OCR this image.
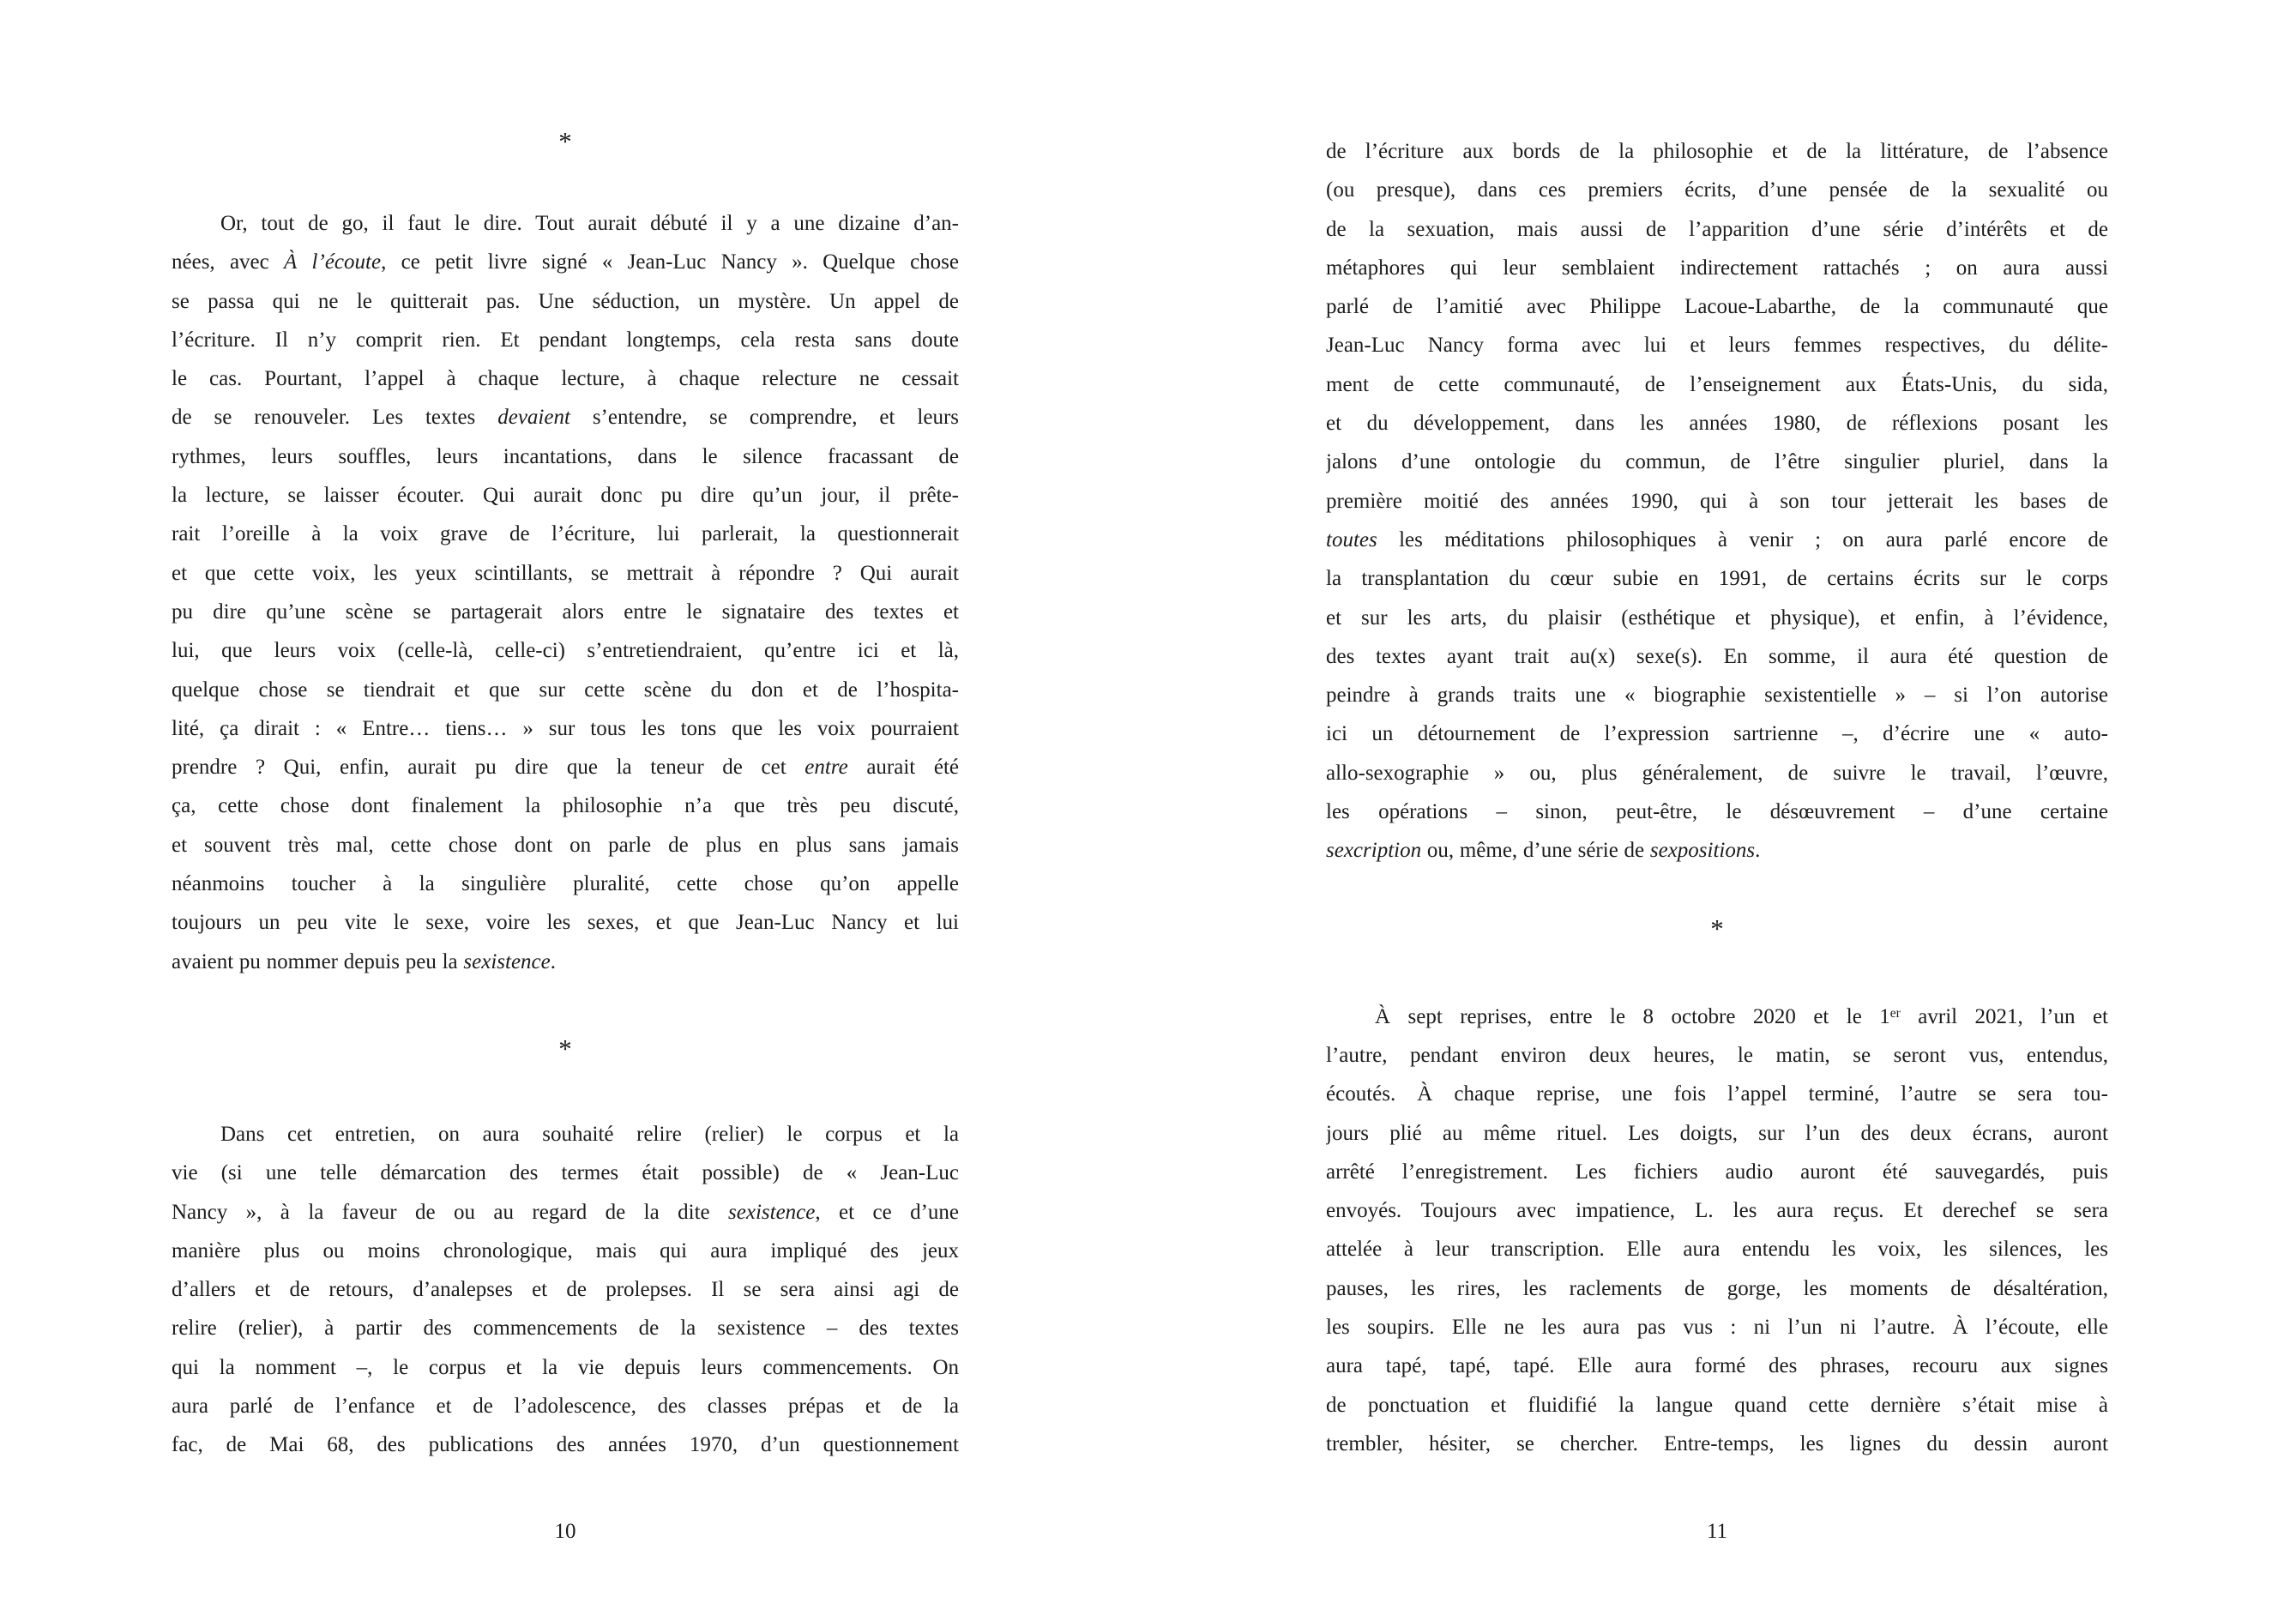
*
Or, tout de go, il faut le dire. Tout aurait débuté il y a une dizaine d’an-
nées, avec À l’écoute, ce petit livre signé « Jean-Luc Nancy ». Quelque chose
se passa qui ne le quitterait pas. Une séduction, un mystère. Un appel de
l’écriture. Il n’y comprit rien. Et pendant longtemps, cela resta sans doute
le cas. Pourtant, l’appel à chaque lecture, à chaque relecture ne cessait
de se renouveler. Les textes devaient s’entendre, se comprendre, et leurs
rythmes, leurs souffles, leurs incantations, dans le silence fracassant de
la lecture, se laisser écouter. Qui aurait donc pu dire qu’un jour, il prête-
rait l’oreille à la voix grave de l’écriture, lui parlerait, la questionnerait
et que cette voix, les yeux scintillants, se mettrait à répondre ? Qui aurait
pu dire qu’une scène se partagerait alors entre le signataire des textes et
lui, que leurs voix (celle-là, celle-ci) s’entretiendraient, qu’entre ici et là,
quelque chose se tiendrait et que sur cette scène du don et de l’hospita-
lité, ça dirait : « Entre… tiens… » sur tous les tons que les voix pourraient
prendre ? Qui, enfin, aurait pu dire que la teneur de cet entre aurait été
ça, cette chose dont finalement la philosophie n’a que très peu discuté,
et souvent très mal, cette chose dont on parle de plus en plus sans jamais
néanmoins toucher à la singulière pluralité, cette chose qu’on appelle
toujours un peu vite le sexe, voire les sexes, et que Jean-Luc Nancy et lui
avaient pu nommer depuis peu la sexistence.
*
Dans cet entretien, on aura souhaité relire (relier) le corpus et la
vie (si une telle démarcation des termes était possible) de « Jean-Luc
Nancy », à la faveur de ou au regard de la dite sexistence, et ce d’une
manière plus ou moins chronologique, mais qui aura impliqué des jeux
d’allers et de retours, d’analepses et de prolepses. Il se sera ainsi agi de
relire (relier), à partir des commencements de la sexistence – des textes
qui la nomment –, le corpus et la vie depuis leurs commencements. On
aura parlé de l’enfance et de l’adolescence, des classes prépas et de la
fac, de Mai 68, des publications des années 1970, d’un questionnement
10
de l’écriture aux bords de la philosophie et de la littérature, de l’absence
(ou presque), dans ces premiers écrits, d’une pensée de la sexualité ou
de la sexuation, mais aussi de l’apparition d’une série d’intérêts et de
métaphores qui leur semblaient indirectement rattachés ; on aura aussi
parlé de l’amitié avec Philippe Lacoue-Labarthe, de la communauté que
Jean-Luc Nancy forma avec lui et leurs femmes respectives, du délite-
ment de cette communauté, de l’enseignement aux États-Unis, du sida,
et du développement, dans les années 1980, de réflexions posant les
jalons d’une ontologie du commun, de l’être singulier pluriel, dans la
première moitié des années 1990, qui à son tour jetterait les bases de
toutes les méditations philosophiques à venir ; on aura parlé encore de
la transplantation du cœur subie en 1991, de certains écrits sur le corps
et sur les arts, du plaisir (esthétique et physique), et enfin, à l’évidence,
des textes ayant trait au(x) sexe(s). En somme, il aura été question de
peindre à grands traits une « biographie sexistentielle » – si l’on autorise
ici un détournement de l’expression sartrienne –, d’écrire une « auto-
allo-sexographie » ou, plus généralement, de suivre le travail, l’œuvre,
les opérations – sinon, peut-être, le désœuvrement – d’une certaine
sexcription ou, même, d’une série de sexpositions.
*
À sept reprises, entre le 8 octobre 2020 et le 1er avril 2021, l’un et
l’autre, pendant environ deux heures, le matin, se seront vus, entendus,
écoutés. À chaque reprise, une fois l’appel terminé, l’autre se sera tou-
jours plié au même rituel. Les doigts, sur l’un des deux écrans, auront
arrêté l’enregistrement. Les fichiers audio auront été sauvegardés, puis
envoyés. Toujours avec impatience, L. les aura reçus. Et derechef se sera
attelée à leur transcription. Elle aura entendu les voix, les silences, les
pauses, les rires, les raclements de gorge, les moments de désaltération,
les soupirs. Elle ne les aura pas vus : ni l’un ni l’autre. À l’écoute, elle
aura tapé, tapé, tapé. Elle aura formé des phrases, recouru aux signes
de ponctuation et fluidifié la langue quand cette dernière s’était mise à
trembler, hésiter, se chercher. Entre-temps, les lignes du dessin auront
11
